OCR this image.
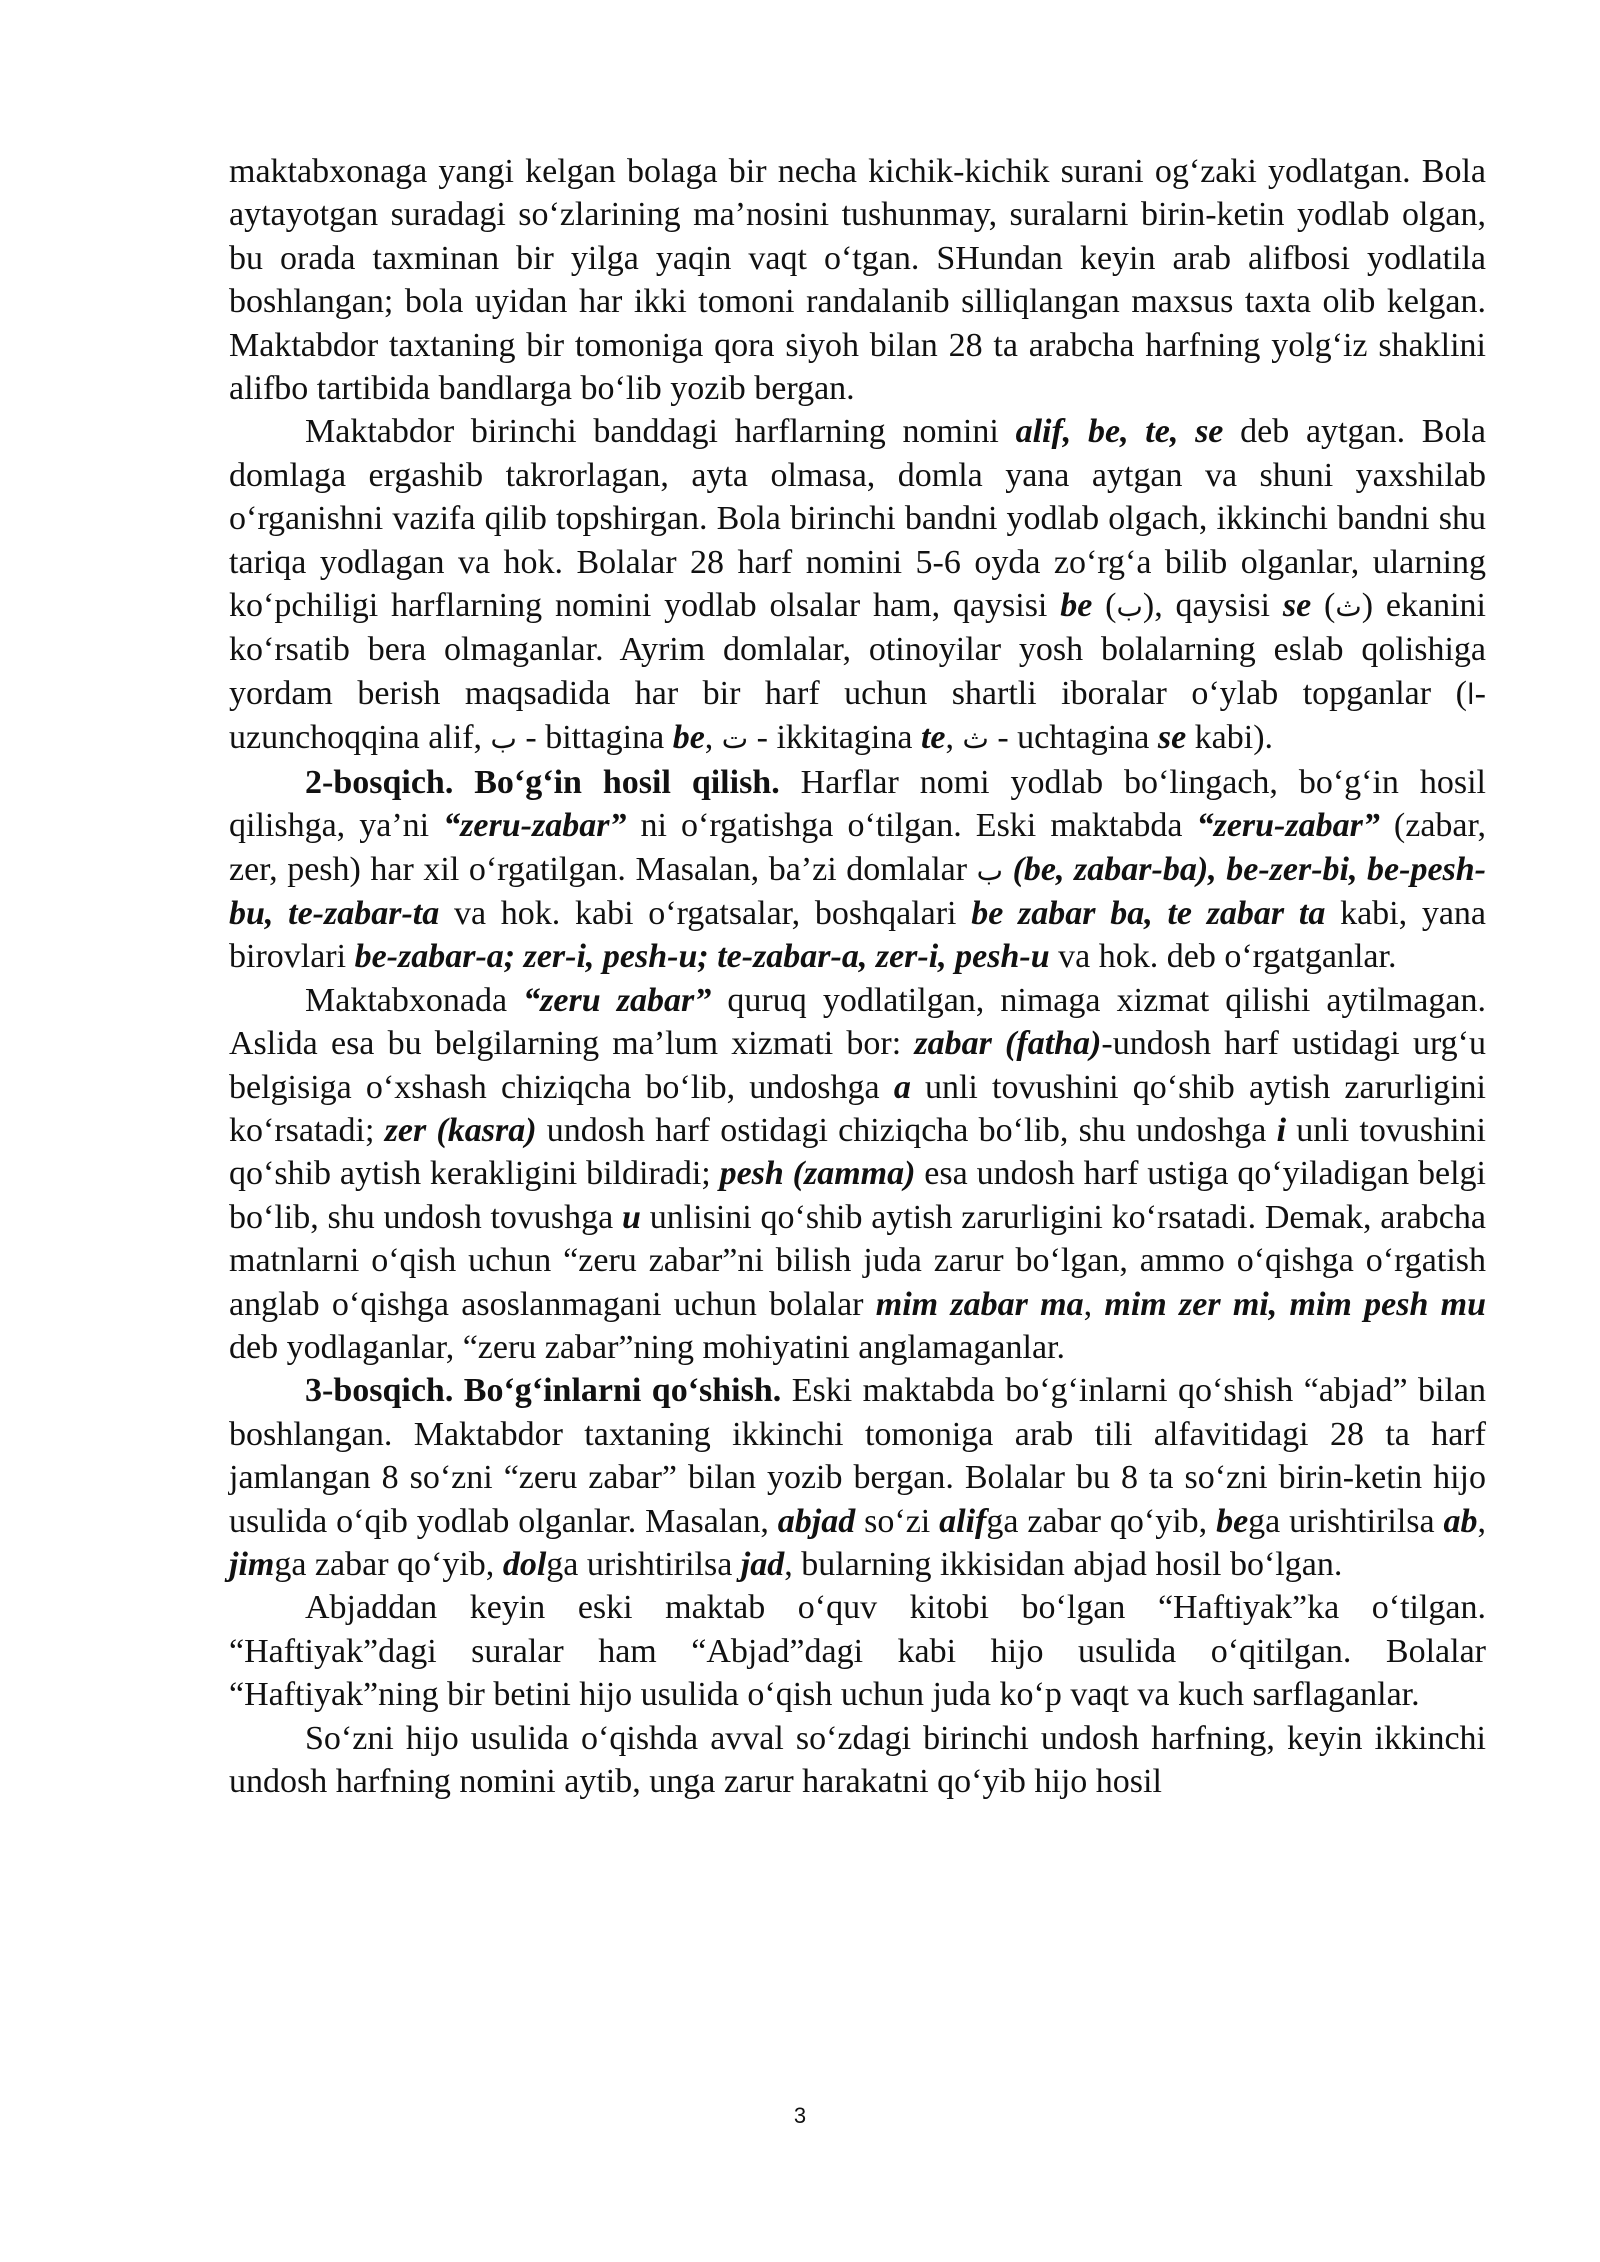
maktabxonaga yangi kelgan bolaga bir necha kichik-kichik surani og‘zaki yodlatgan. Bola aytayotgan suradagi so‘zlarining ma’nosini tushunmay, suralarni birin-ketin yodlab olgan, bu orada taxminan bir yilga yaqin vaqt o‘tgan. SHundan keyin arab alifbosi yodlatila boshlangan; bola uyidan har ikki tomoni randalanib silliqlangan maxsus taxta olib kelgan. Maktabdor taxtaning bir tomoniga qora siyoh bilan 28 ta arabcha harfning yolg‘iz shaklini alifbo tartibida bandlarga bo‘lib yozib bergan.

Maktabdor birinchi banddagi harflarning nomini alif, be, te, se deb aytgan. Bola domlaga ergashib takrorlagan, ayta olmasa, domla yana aytgan va shuni yaxshilab o‘rganishni vazifa qilib topshirgan. Bola birinchi bandni yodlab olgach, ikkinchi bandni shu tariqa yodlagan va hok. Bolalar 28 harf nomini 5-6 oyda zo‘rg‘a bilib olganlar, ularning ko‘pchiligi harflarning nomini yodlab olsalar ham, qaysisi be (ب), qaysisi se (ث) ekanini ko‘rsatib bera olmaganlar. Ayrim domlalar, otinoyilar yosh bolalarning eslab qolishiga yordam berish maqsadida har bir harf uchun shartli iboralar o‘ylab topganlar (ا-uzunchoqqina alif, ب - bittagina be, ت - ikkitagina te, ث - uchtagina se kabi).

2-bosqich. Bo‘g‘in hosil qilish. Harflar nomi yodlab bo‘lingach, bo‘g‘in hosil qilishga, ya’ni “zeru-zabar” ni o‘rgatishga o‘tilgan. Eski maktabda “zeru-zabar” (zabar, zer, pesh) har xil o‘rgatilgan. Masalan, ba’zi domlalar ب (be, zabar-ba), be-zer-bi, be-pesh-bu, te-zabar-ta va hok. kabi o‘rgatsalar, boshqalari be zabar ba, te zabar ta kabi, yana birovlari be-zabar-a; zer-i, pesh-u; te-zabar-a, zer-i, pesh-u va hok. deb o‘rgatganlar.

Maktabxonada “zeru zabar” quruq yodlatilgan, nimaga xizmat qilishi aytilmagan. Aslida esa bu belgilarning ma’lum xizmati bor: zabar (fatha)-undosh harf ustidagi urg‘u belgisiga o‘xshash chiziqcha bo‘lib, undoshga a unli tovushini qo‘shib aytish zarurligini ko‘rsatadi; zer (kasra) undosh harf ostidagi chiziqcha bo‘lib, shu undoshga i unli tovushini qo‘shib aytish kerakligini bildiradi; pesh (zamma) esa undosh harf ustiga qo‘yiladigan belgi bo‘lib, shu undosh tovushga u unlisini qo‘shib aytish zarurligini ko‘rsatadi. Demak, arabcha matnlarni o‘qish uchun “zeru zabar”ni bilish juda zarur bo‘lgan, ammo o‘qishga o‘rgatish anglab o‘qishga asoslanmagani uchun bolalar mim zabar ma, mim zer mi, mim pesh mu deb yodlaganlar, “zeru zabar”ning mohiyatini anglamaganlar.

3-bosqich. Bo‘g‘inlarni qo‘shish. Eski maktabda bo‘g‘inlarni qo‘shish “abjad” bilan boshlangan. Maktabdor taxtaning ikkinchi tomoniga arab tili alfavitidagi 28 ta harf jamlangan 8 so‘zni “zeru zabar” bilan yozib bergan. Bolalar bu 8 ta so‘zni birin-ketin hijo usulida o‘qib yodlab olganlar. Masalan, abjad so‘zi alifga zabar qo‘yib, bega urishtirilsa ab, jimga zabar qo‘yib, dolga urishtirilsa jad, bularning ikkisidan abjad hosil bo‘lgan.

Abjaddan keyin eski maktab o‘quv kitobi bo‘lgan “Haftiyak”ka o‘tilgan. “Haftiyak”dagi suralar ham “Abjad”dagi kabi hijo usulida o‘qitilgan. Bolalar “Haftiyak”ning bir betini hijo usulida o‘qish uchun juda ko‘p vaqt va kuch sarflaganlar.

So‘zni hijo usulida o‘qishda avval so‘zdagi birinchi undosh harfning, keyin ikkinchi undosh harfning nomini aytib, unga zarur harakatni qo‘yib hijo hosil

3
